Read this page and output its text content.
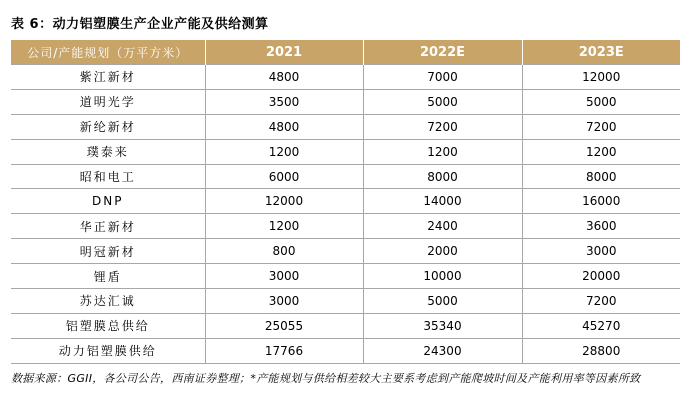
表 6：动力铝塑膜生产企业产能及供给测算
公司/产能规划（万平方米）	2021	2022E	2023E
紫江新材	4800	7000	12000
道明光学	3500	5000	5000
新纶新材	4800	7200	7200
璞泰来	1200	1200	1200
昭和电工	6000	8000	8000
DNP	12000	14000	16000
华正新材	1200	2400	3600
明冠新材	800	2000	3000
锂盾	3000	10000	20000
苏达汇诚	3000	5000	7200
铝塑膜总供给	25055	35340	45270
动力铝塑膜供给	17766	24300	28800
数据来源：GGII，各公司公告，西南证券整理；*产能规划与供给相差较大主要系考虑到产能爬坡时间及产能利用率等因素所致
